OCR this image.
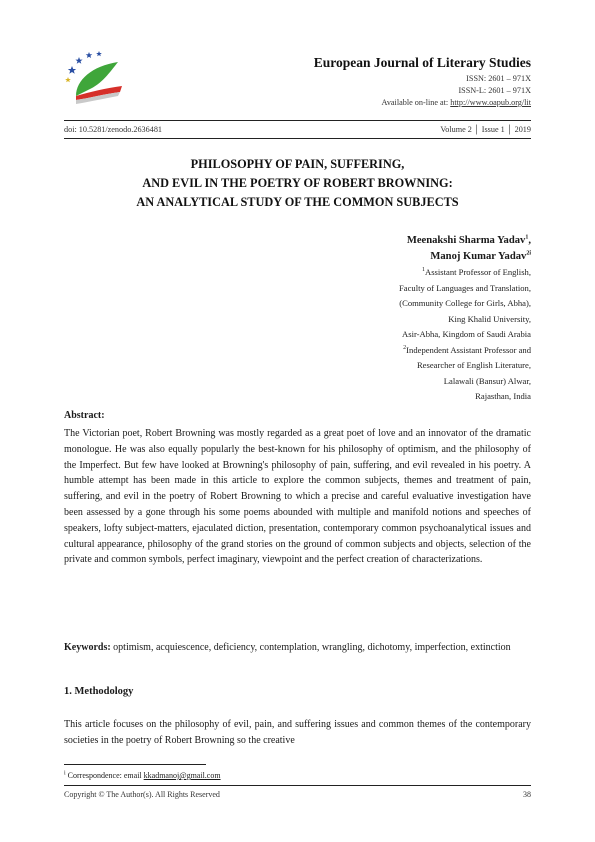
European Journal of Literary Studies
ISSN: 2601 – 971X
ISSN-L: 2601 – 971X
Available on-line at: http://www.oapub.org/lit
doi: 10.5281/zenodo.2636481	Volume 2 │ Issue 1 │ 2019
PHILOSOPHY OF PAIN, SUFFERING,
AND EVIL IN THE POETRY OF ROBERT BROWNING:
AN ANALYTICAL STUDY OF THE COMMON SUBJECTS
Meenakshi Sharma Yadav$^1$,
Manoj Kumar Yadav$^{2i}$
$^1$Assistant Professor of English,
Faculty of Languages and Translation,
(Community College for Girls, Abha),
King Khalid University,
Asir-Abha, Kingdom of Saudi Arabia
$^2$Independent Assistant Professor and
Researcher of English Literature,
Lalawali (Bansur) Alwar,
Rajasthan, India
Abstract:
The Victorian poet, Robert Browning was mostly regarded as a great poet of love and an innovator of the dramatic monologue. He was also equally popularly the best-known for his philosophy of optimism, and the philosophy of the Imperfect. But few have looked at Browning's philosophy of pain, suffering, and evil revealed in his poetry. A humble attempt has been made in this article to explore the common subjects, themes and treatment of pain, suffering, and evil in the poetry of Robert Browning to which a precise and careful evaluative investigation have been assessed by a gone through his some poems abounded with multiple and manifold notions and speeches of speakers, lofty subject-matters, ejaculated diction, presentation, contemporary common psychoanalytical issues and cultural appearance, philosophy of the grand stories on the ground of common subjects and objects, selection of the private and common symbols, perfect imaginary, viewpoint and the perfect creation of characterizations.
Keywords: optimism, acquiescence, deficiency, contemplation, wrangling, dichotomy, imperfection, extinction
1. Methodology
This article focuses on the philosophy of evil, pain, and suffering issues and common themes of the contemporary societies in the poetry of Robert Browning so the creative
$^i$ Correspondence: email kkadmanoj@gmail.com
Copyright © The Author(s). All Rights Reserved	38
